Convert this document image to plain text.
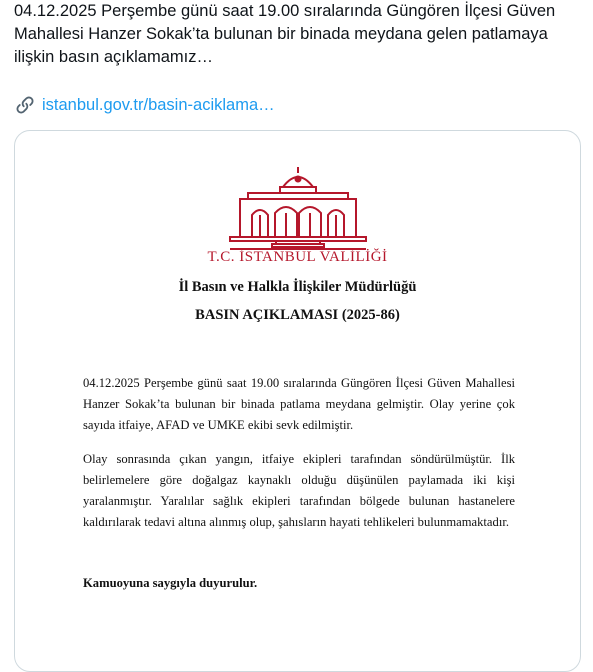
04.12.2025 Perşembe günü saat 19.00 sıralarında Güngören İlçesi Güven Mahallesi Hanzer Sokak’ta bulunan bir binada meydana gelen patlamaya ilişkin basın açıklamamız…

istanbul.gov.tr/basin-aciklama…
T.C. İSTANBUL VALİLİĞİ
İl Basın ve Halkla İlişkiler Müdürlüğü
BASIN AÇIKLAMASI (2025-86)

04.12.2025 Perşembe günü saat 19.00 sıralarında Güngören İlçesi Güven Mahallesi Hanzer Sokak’ta bulunan bir binada patlama meydana gelmiştir. Olay yerine çok sayıda itfaiye, AFAD ve UMKE ekibi sevk edilmiştir.

Olay sonrasında çıkan yangın, itfaiye ekipleri tarafından söndürülmüştür. İlk belirlemelere göre doğalgaz kaynaklı olduğu düşünülen paylamada iki kişi yaralanmıştır. Yaralılar sağlık ekipleri tarafından bölgede bulunan hastanelere kaldırılarak tedavi altına alınmış olup, şahısların hayati tehlikeleri bulunmamaktadır.

Kamuoyuna saygıyla duyurulur.
